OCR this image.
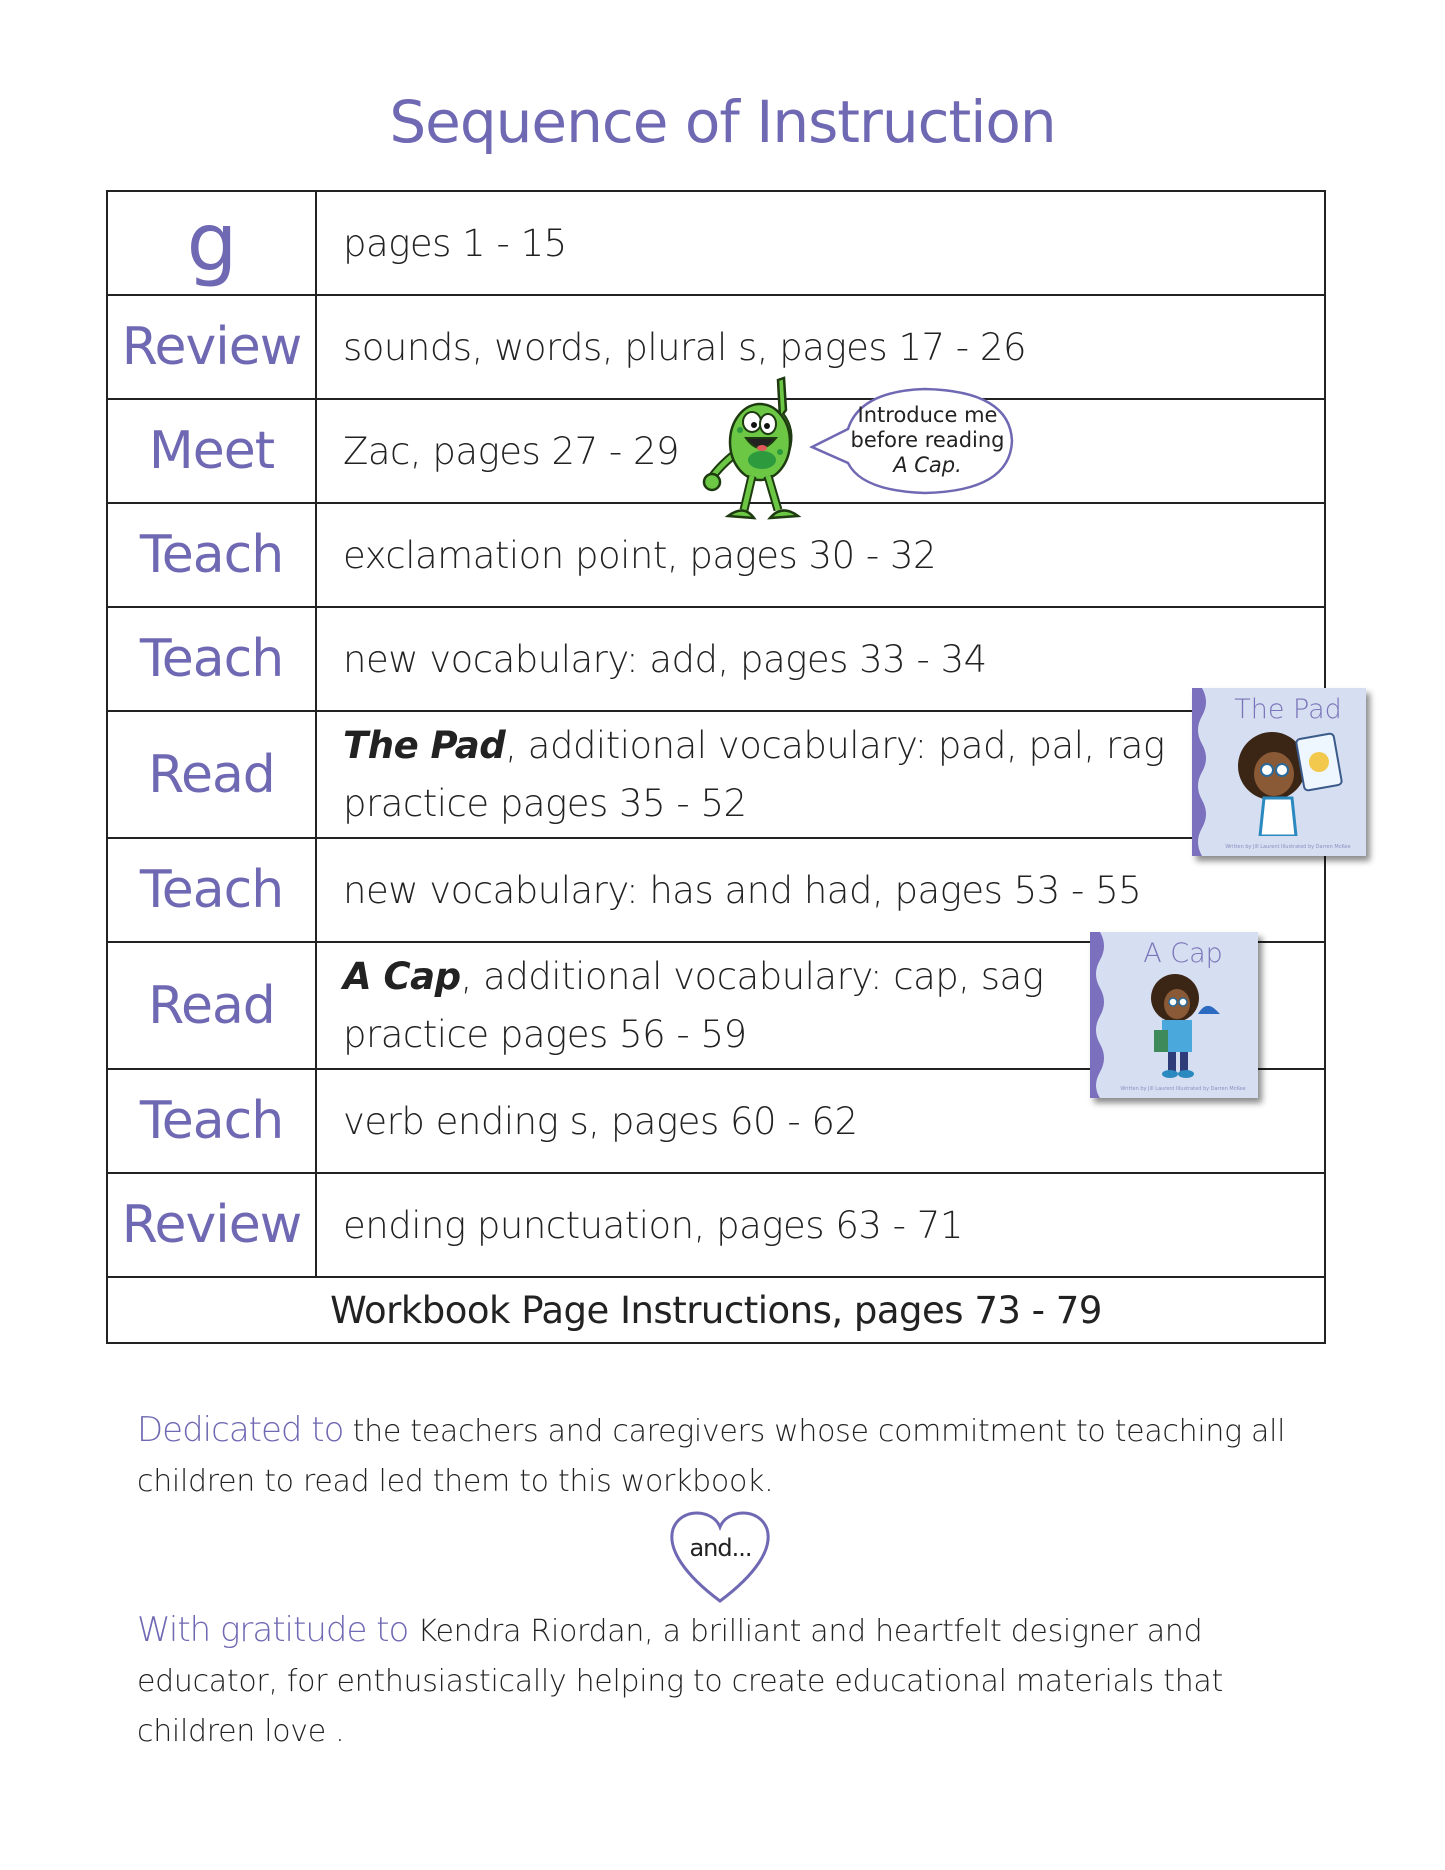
Sequence of Instruction
g	pages 1 - 15
Review	sounds, words, plural s, pages 17 - 26
Meet	Zac, pages 27 - 29
Teach	exclamation point, pages 30 - 32
Teach	new vocabulary: add, pages 33 - 34
Read	The Pad, additional vocabulary: pad, pal, rag
practice pages 35 - 52

Teach	new vocabulary: has and had, pages 53 - 55
Read	A Cap, additional vocabulary: cap, sag
practice pages 56 - 59

Teach	verb ending s, pages 60 - 62
Review	ending punctuation, pages 63 - 71
Workbook Page Instructions, pages 73 - 79	
Introduce me
before reading
A Cap.
The Pad
Written by Jill Laurent Illustrated by Darren McKee
A Cap
Written by Jill Laurent Illustrated by Darren McKee
Dedicated to the teachers and caregivers whose commitment to teaching all children to read led them to this workbook.
and...
With gratitude to Kendra Riordan, a brilliant and heartfelt designer and educator, for enthusiastically helping to create educational materials that children love .
